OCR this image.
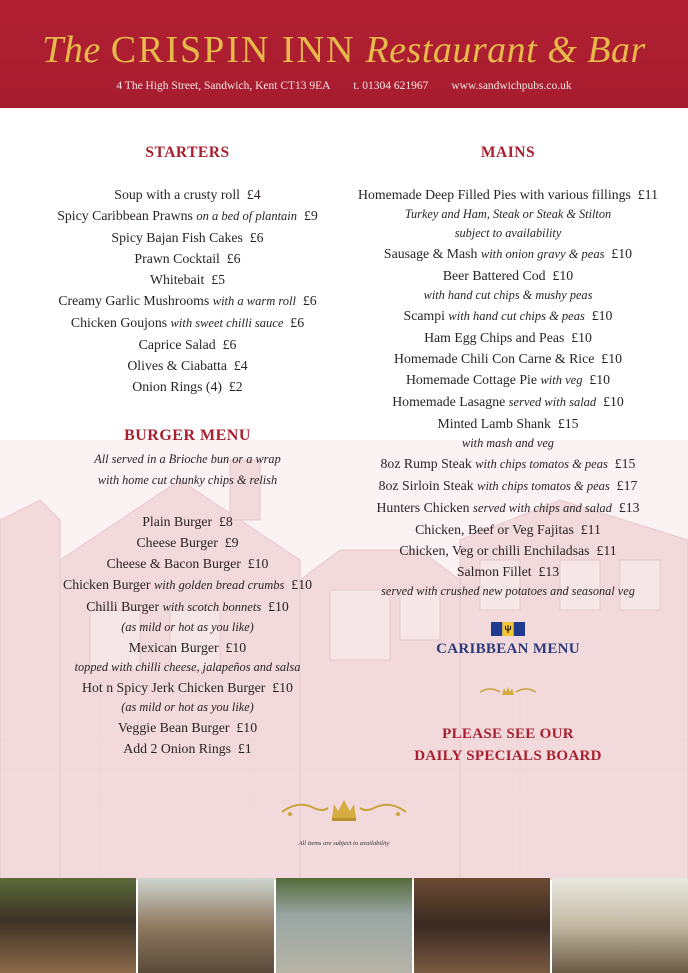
The CRISPIN INN Restaurant & Bar
4 The High Street, Sandwich, Kent CT13 9EA t. 01304 621967 www.sandwichpubs.co.uk
STARTERS
Soup with a crusty roll £4
Spicy Caribbean Prawns on a bed of plantain £9
Spicy Bajan Fish Cakes £6
Prawn Cocktail £6
Whitebait £5
Creamy Garlic Mushrooms with a warm roll £6
Chicken Goujons with sweet chilli sauce £6
Caprice Salad £6
Olives & Ciabatta £4
Onion Rings (4) £2
BURGER MENU
All served in a Brioche bun or a wrap
with home cut chunky chips & relish
Plain Burger £8
Cheese Burger £9
Cheese & Bacon Burger £10
Chicken Burger with golden bread crumbs £10
Chilli Burger with scotch bonnets £10
(as mild or hot as you like)
Mexican Burger £10
topped with chilli cheese, jalapeños and salsa
Hot n Spicy Jerk Chicken Burger £10
(as mild or hot as you like)
Veggie Bean Burger £10
Add 2 Onion Rings £1
MAINS
Homemade Deep Filled Pies with various fillings £11
Turkey and Ham, Steak or Steak & Stilton
subject to availability
Sausage & Mash with onion gravy & peas £10
Beer Battered Cod £10
with hand cut chips & mushy peas
Scampi with hand cut chips & peas £10
Ham Egg Chips and Peas £10
Homemade Chili Con Carne & Rice £10
Homemade Cottage Pie with veg £10
Homemade Lasagne served with salad £10
Minted Lamb Shank £15
with mash and veg
8oz Rump Steak with chips tomatos & peas £15
8oz Sirloin Steak with chips tomatos & peas £17
Hunters Chicken served with chips and salad £13
Chicken, Beef or Veg Fajitas £11
Chicken, Veg or chilli Enchiladsas £11
Salmon Fillet £13
served with crushed new potatoes and seasonal veg
CARIBBEAN MENU
PLEASE SEE OUR
DAILY SPECIALS BOARD
All items are subject to availability
